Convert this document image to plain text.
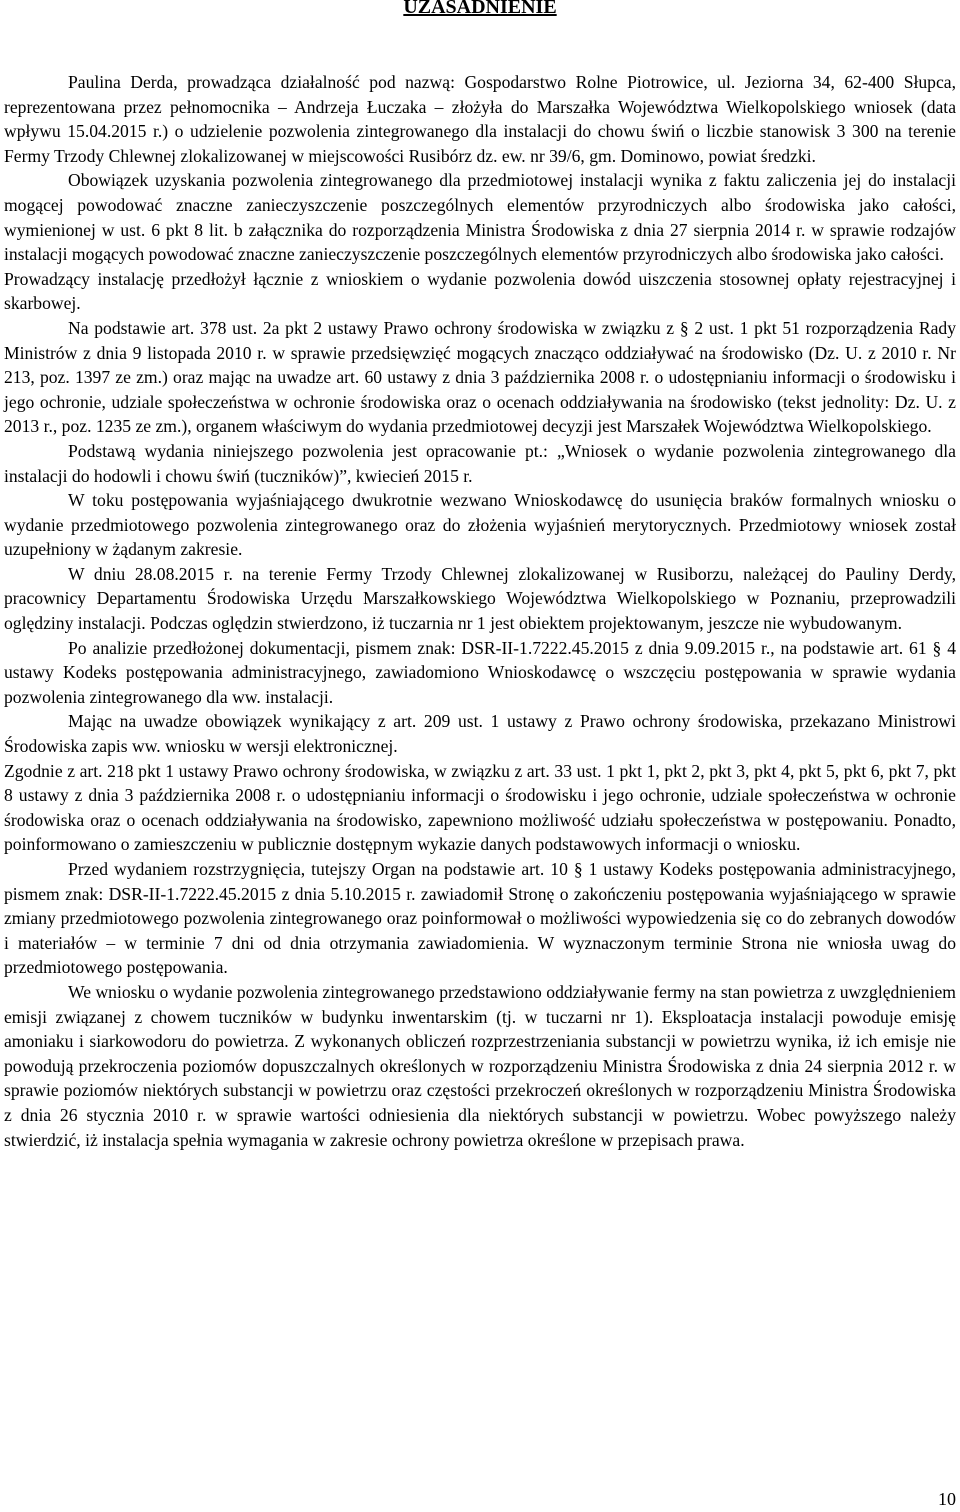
UZASADNIENIE

Paulina Derda, prowadząca działalność pod nazwą: Gospodarstwo Rolne Piotrowice, ul. Jeziorna 34, 62-400 Słupca, reprezentowana przez pełnomocnika – Andrzeja Łuczaka – złożyła do Marszałka Województwa Wielkopolskiego wniosek (data wpływu 15.04.2015 r.) o udzielenie pozwolenia zintegrowanego dla instalacji do chowu świń o liczbie stanowisk 3 300 na terenie Fermy Trzody Chlewnej zlokalizowanej w miejscowości Rusibórz dz. ew. nr 39/6, gm. Dominowo, powiat średzki.

Obowiązek uzyskania pozwolenia zintegrowanego dla przedmiotowej instalacji wynika z faktu zaliczenia jej do instalacji mogącej powodować znaczne zanieczyszczenie poszczególnych elementów przyrodniczych albo środowiska jako całości, wymienionej w ust. 6 pkt 8 lit. b załącznika do rozporządzenia Ministra Środowiska z dnia 27 sierpnia 2014 r. w sprawie rodzajów instalacji mogących powodować znaczne zanieczyszczenie poszczególnych elementów przyrodniczych albo środowiska jako całości.

Prowadzący instalację przedłożył łącznie z wnioskiem o wydanie pozwolenia dowód uiszczenia stosownej opłaty rejestracyjnej i skarbowej.

Na podstawie art. 378 ust. 2a pkt 2 ustawy Prawo ochrony środowiska w związku z § 2 ust. 1 pkt 51 rozporządzenia Rady Ministrów z dnia 9 listopada 2010 r. w sprawie przedsięwzięć mogących znacząco oddziaływać na środowisko (Dz. U. z 2010 r. Nr 213, poz. 1397 ze zm.) oraz mając na uwadze art. 60 ustawy z dnia 3 października 2008 r. o udostępnianiu informacji o środowisku i jego ochronie, udziale społeczeństwa w ochronie środowiska oraz o ocenach oddziaływania na środowisko (tekst jednolity: Dz. U. z 2013 r., poz. 1235 ze zm.), organem właściwym do wydania przedmiotowej decyzji jest Marszałek Województwa Wielkopolskiego.

Podstawą wydania niniejszego pozwolenia jest opracowanie pt.: „Wniosek o wydanie pozwolenia zintegrowanego dla instalacji do hodowli i chowu świń (tuczników)”, kwiecień 2015 r.

W toku postępowania wyjaśniającego dwukrotnie wezwano Wnioskodawcę do usunięcia braków formalnych wniosku o wydanie przedmiotowego pozwolenia zintegrowanego oraz do złożenia wyjaśnień merytorycznych. Przedmiotowy wniosek został uzupełniony w żądanym zakresie.

W dniu 28.08.2015 r. na terenie Fermy Trzody Chlewnej zlokalizowanej w Rusiborzu, należącej do Pauliny Derdy, pracownicy Departamentu Środowiska Urzędu Marszałkowskiego Województwa Wielkopolskiego w Poznaniu, przeprowadzili oględziny instalacji. Podczas oględzin stwierdzono, iż tuczarnia nr 1 jest obiektem projektowanym, jeszcze nie wybudowanym.

Po analizie przedłożonej dokumentacji, pismem znak: DSR-II-1.7222.45.2015 z dnia 9.09.2015 r., na podstawie art. 61 § 4 ustawy Kodeks postępowania administracyjnego, zawiadomiono Wnioskodawcę o wszczęciu postępowania w sprawie wydania pozwolenia zintegrowanego dla ww. instalacji.

Mając na uwadze obowiązek wynikający z art. 209 ust. 1 ustawy z Prawo ochrony środowiska, przekazano Ministrowi Środowiska zapis ww. wniosku w wersji elektronicznej.

Zgodnie z art. 218 pkt 1 ustawy Prawo ochrony środowiska, w związku z art. 33 ust. 1 pkt 1, pkt 2, pkt 3, pkt 4, pkt 5, pkt 6, pkt 7, pkt 8 ustawy z dnia 3 października 2008 r. o udostępnianiu informacji o środowisku i jego ochronie, udziale społeczeństwa w ochronie środowiska oraz o ocenach oddziaływania na środowisko, zapewniono możliwość udziału społeczeństwa w postępowaniu. Ponadto, poinformowano o zamieszczeniu w publicznie dostępnym wykazie danych podstawowych informacji o wniosku.

Przed wydaniem rozstrzygnięcia, tutejszy Organ na podstawie art. 10 § 1 ustawy Kodeks postępowania administracyjnego, pismem znak: DSR-II-1.7222.45.2015 z dnia 5.10.2015 r. zawiadomił Stronę o zakończeniu postępowania wyjaśniającego w sprawie zmiany przedmiotowego pozwolenia zintegrowanego oraz poinformował o możliwości wypowiedzenia się co do zebranych dowodów i materiałów – w terminie 7 dni od dnia otrzymania zawiadomienia. W wyznaczonym terminie Strona nie wniosła uwag do przedmiotowego postępowania.

We wniosku o wydanie pozwolenia zintegrowanego przedstawiono oddziaływanie fermy na stan powietrza z uwzględnieniem emisji związanej z chowem tuczników w budynku inwentarskim (tj. w tuczarni nr 1). Eksploatacja instalacji powoduje emisję amoniaku i siarkowodoru do powietrza. Z wykonanych obliczeń rozprzestrzeniania substancji w powietrzu wynika, iż ich emisje nie powodują przekroczenia poziomów dopuszczalnych określonych w rozporządzeniu Ministra Środowiska z dnia 24 sierpnia 2012 r. w sprawie poziomów niektórych substancji w powietrzu oraz częstości przekroczeń określonych w rozporządzeniu Ministra Środowiska z dnia 26 stycznia 2010 r. w sprawie wartości odniesienia dla niektórych substancji w powietrzu. Wobec powyższego należy stwierdzić, iż instalacja spełnia wymagania w zakresie ochrony powietrza określone w przepisach prawa.

10
